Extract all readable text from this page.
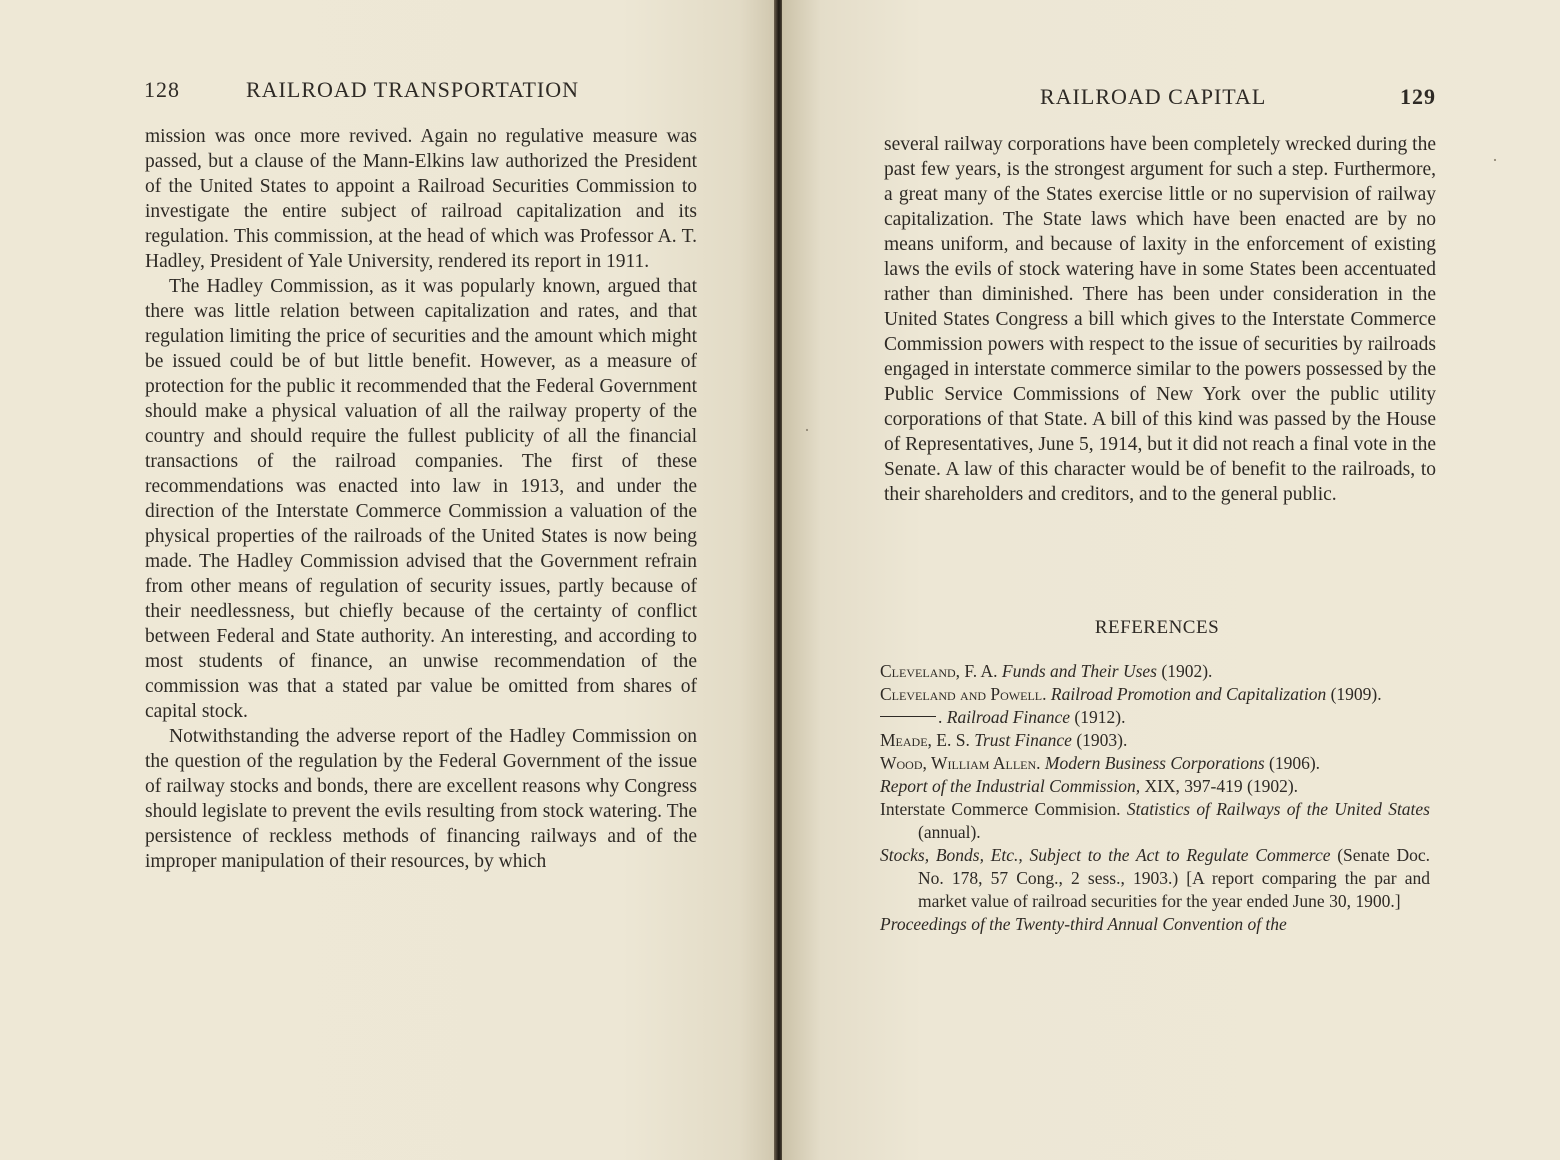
128	RAILROAD TRANSPORTATION

mission was once more revived. Again no regulative measure was passed, but a clause of the Mann-Elkins law authorized the President of the United States to appoint a Railroad Securities Commission to investigate the entire subject of railroad capitalization and its regulation. This commission, at the head of which was Professor A. T. Hadley, President of Yale University, rendered its report in 1911.

The Hadley Commission, as it was popularly known, argued that there was little relation between capitalization and rates, and that regulation limiting the price of securities and the amount which might be issued could be of but little benefit. However, as a measure of protection for the public it recommended that the Federal Government should make a physical valuation of all the railway property of the country and should require the fullest publicity of all the financial transactions of the railroad companies. The first of these recommendations was enacted into law in 1913, and under the direction of the Interstate Commerce Commission a valuation of the physical properties of the railroads of the United States is now being made. The Hadley Commission advised that the Government refrain from other means of regulation of security issues, partly because of their needlessness, but chiefly because of the certainty of conflict between Federal and State authority. An interesting, and according to most students of finance, an unwise recommendation of the commission was that a stated par value be omitted from shares of capital stock.

Notwithstanding the adverse report of the Hadley Commission on the question of the regulation by the Federal Government of the issue of railway stocks and bonds, there are excellent reasons why Congress should legislate to prevent the evils resulting from stock watering. The persistence of reckless methods of financing railways and of the improper manipulation of their resources, by which

RAILROAD CAPITAL	129

several railway corporations have been completely wrecked during the past few years, is the strongest argument for such a step. Furthermore, a great many of the States exercise little or no supervision of railway capitalization. The State laws which have been enacted are by no means uniform, and because of laxity in the enforcement of existing laws the evils of stock watering have in some States been accentuated rather than diminished. There has been under consideration in the United States Congress a bill which gives to the Interstate Commerce Commission powers with respect to the issue of securities by railroads engaged in interstate commerce similar to the powers possessed by the Public Service Commissions of New York over the public utility corporations of that State. A bill of this kind was passed by the House of Representatives, June 5, 1914, but it did not reach a final vote in the Senate. A law of this character would be of benefit to the railroads, to their shareholders and creditors, and to the general public.

REFERENCES

Cleveland, F. A. Funds and Their Uses (1902).

Cleveland and Powell. Railroad Promotion and Capitalization (1909).

. Railroad Finance (1912).

Meade, E. S. Trust Finance (1903).

Wood, William Allen. Modern Business Corporations (1906).

Report of the Industrial Commission, XIX, 397-419 (1902).

Interstate Commerce Commision. Statistics of Railways of the United States (annual).

Stocks, Bonds, Etc., Subject to the Act to Regulate Commerce (Senate Doc. No. 178, 57 Cong., 2 sess., 1903.) [A report comparing the par and market value of railroad securities for the year ended June 30, 1900.]

Proceedings of the Twenty-third Annual Convention of the

·
·
